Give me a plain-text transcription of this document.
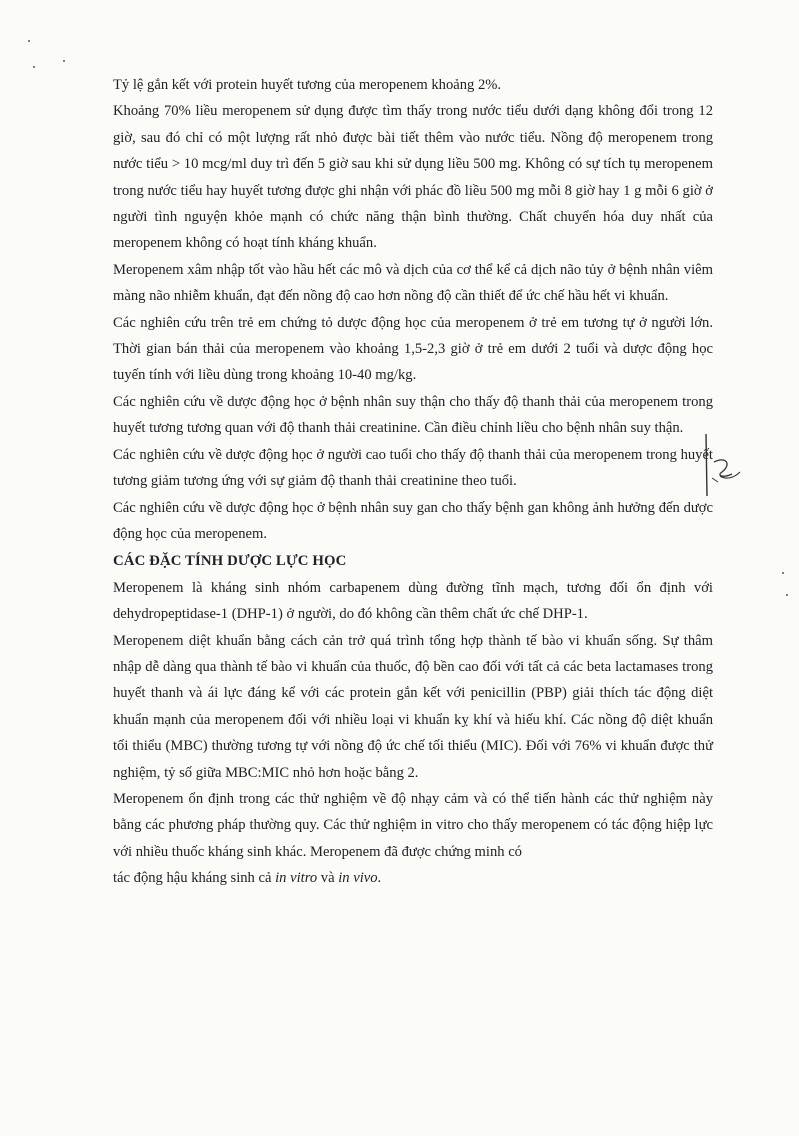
Tỷ lệ gắn kết với protein huyết tương của meropenem khoảng 2%.

Khoảng 70% liều meropenem sử dụng được tìm thấy trong nước tiểu dưới dạng không đổi trong 12 giờ, sau đó chỉ có một lượng rất nhỏ được bài tiết thêm vào nước tiểu. Nồng độ meropenem trong nước tiểu > 10 mcg/ml duy trì đến 5 giờ sau khi sử dụng liều 500 mg. Không có sự tích tụ meropenem trong nước tiểu hay huyết tương được ghi nhận với phác đồ liều 500 mg mỗi 8 giờ hay 1 g mỗi 6 giờ ở người tình nguyện khỏe mạnh có chức năng thận bình thường. Chất chuyển hóa duy nhất của meropenem không có hoạt tính kháng khuẩn.

Meropenem xâm nhập tốt vào hầu hết các mô và dịch của cơ thể kể cả dịch não tủy ở bệnh nhân viêm màng não nhiễm khuẩn, đạt đến nồng độ cao hơn nồng độ cần thiết để ức chế hầu hết vi khuẩn.

Các nghiên cứu trên trẻ em chứng tỏ dược động học của meropenem ở trẻ em tương tự ở người lớn. Thời gian bán thải của meropenem vào khoảng 1,5-2,3 giờ ở trẻ em dưới 2 tuổi và dược động học tuyến tính với liều dùng trong khoảng 10-40 mg/kg.

Các nghiên cứu về dược động học ở bệnh nhân suy thận cho thấy độ thanh thải của meropenem trong huyết tương tương quan với độ thanh thải creatinine. Cần điều chỉnh liều cho bệnh nhân suy thận.

Các nghiên cứu về dược động học ở người cao tuổi cho thấy độ thanh thải của meropenem trong huyết tương giảm tương ứng với sự giảm độ thanh thải creatinine theo tuổi.

Các nghiên cứu về dược động học ở bệnh nhân suy gan cho thấy bệnh gan không ảnh hưởng đến dược động học của meropenem.

CÁC ĐẶC TÍNH DƯỢC LỰC HỌC

Meropenem là kháng sinh nhóm carbapenem dùng đường tĩnh mạch, tương đối ổn định với dehydropeptidase-1 (DHP-1) ở người, do đó không cần thêm chất ức chế DHP-1.

Meropenem diệt khuẩn bằng cách cản trở quá trình tổng hợp thành tế bào vi khuẩn sống. Sự thâm nhập dễ dàng qua thành tế bào vi khuẩn của thuốc, độ bền cao đối với tất cả các beta lactamases trong huyết thanh và ái lực đáng kể với các protein gắn kết với penicillin (PBP) giải thích tác động diệt khuẩn mạnh của meropenem đối với nhiều loại vi khuẩn kỵ khí và hiếu khí. Các nồng độ diệt khuẩn tối thiểu (MBC) thường tương tự với nồng độ ức chế tối thiểu (MIC). Đối với 76% vi khuẩn được thử nghiệm, tỷ số giữa MBC:MIC nhỏ hơn hoặc bằng 2.

Meropenem ổn định trong các thử nghiệm về độ nhạy cảm và có thể tiến hành các thử nghiệm này bằng các phương pháp thường quy. Các thử nghiệm in vitro cho thấy meropenem có tác động hiệp lực với nhiều thuốc kháng sinh khác. Meropenem đã được chứng minh có

tác động hậu kháng sinh cả in vitro và in vivo.
